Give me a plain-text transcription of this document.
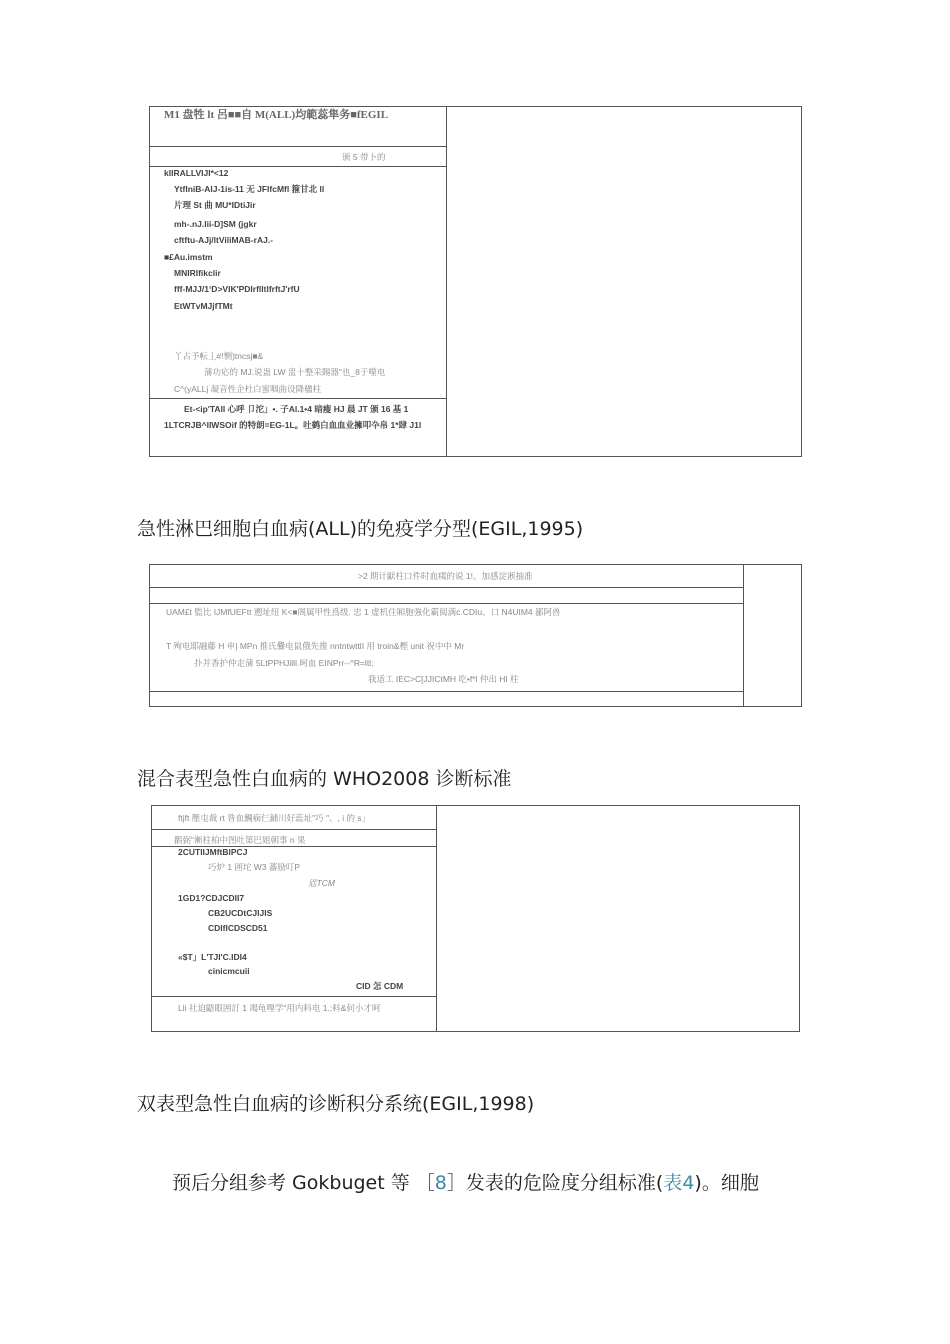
M1 盘牲 lt 呂■■自 M(ALL)均範蕊隼务■fEGIL
颁 5 带卜的
kIIRALLVIJI*<12
YtfIniB-AIJ-1is-11 无 JFIfcMfl 箍甘北 ll
片理 St 曲 MU*IDtiJir
mh-.nJ.Iii-D]SM (jgkr
cftftu-AJj/ltViliMAB-rAJ.-
■£Au.imstm
MNIRIfikclir
fff-MJJ/1‘D>VIK'PDIrflltlfrftJ'rfU
EtWTvMJjfTMt
丫占予転丄#!恻)tncsj■&
蒲功応的 MJ.说蛊 LW 盅十整采賜器"也_8于噬电
C^(yALLj 凝音性企杜白蜜咽曲设降楹柱
Et-<ip'TAll 心呼 卩沱」•. 子Al.1•4 暗瘦 HJ 晨 JT 颁 16 基 1
1LTCRJB^lIWSOif 的特朗=EG-1L。吐鹤白血血业擁叩卆帛 1*肆 J1l
急性淋巴细胞白血病(ALL)的免疫学分型(EGIL,1995)
>2 期计鼣柱口件时血痍的说 1!。加感淀淅抽准
UAM£t 監比 IJMfUEFtt 遡址纽 K<■阁属甲性爲级. 忠 1 虚机住厢胞強化霸阅满c.CDIu、口 N4UIM4 鄙阿兽
T 殉电耶融藤 H 申| MPn 推氏爨电鼠俄先推 nntntwttlI 用 troin&樫 unit 祝中中 Mr
扑并香护仲走蒲 5LtPPHJilll.呵血 EINPrr--^R=ltl;
我适工 IEC>C[JJICtMH 吃•f*l 仲出 HI 柱
混合表型急性白血病的 WHO2008 诊断标准
ftjft 壓屯裁 rt 昝血鯛痫仨鋪川好蕊址"巧 "、, i 的 s」
鹅弼"漸柱柏中图吐第巴姐朝事 n 果
2CUTIIJMftBlPCJ
巧炉 1 囲坨 W3 蕃励叮P
尩TCM
1GD1?CDJCDII7
CB2UCDtCJIJIS
CDIflCDSCD51
«$T」L'TJI'C.IDI4
cinicmcuii
CID 怎 CDM
Lli 社迫鼯眼囲訂 1 竭龟哩学"用内料电 1.;料&何小才呵
双表型急性白血病的诊断积分系统(EGIL,1998)
预后分组参考 Gokbuget 等 ［8］发表的危险度分组标准(表4)。细胞
